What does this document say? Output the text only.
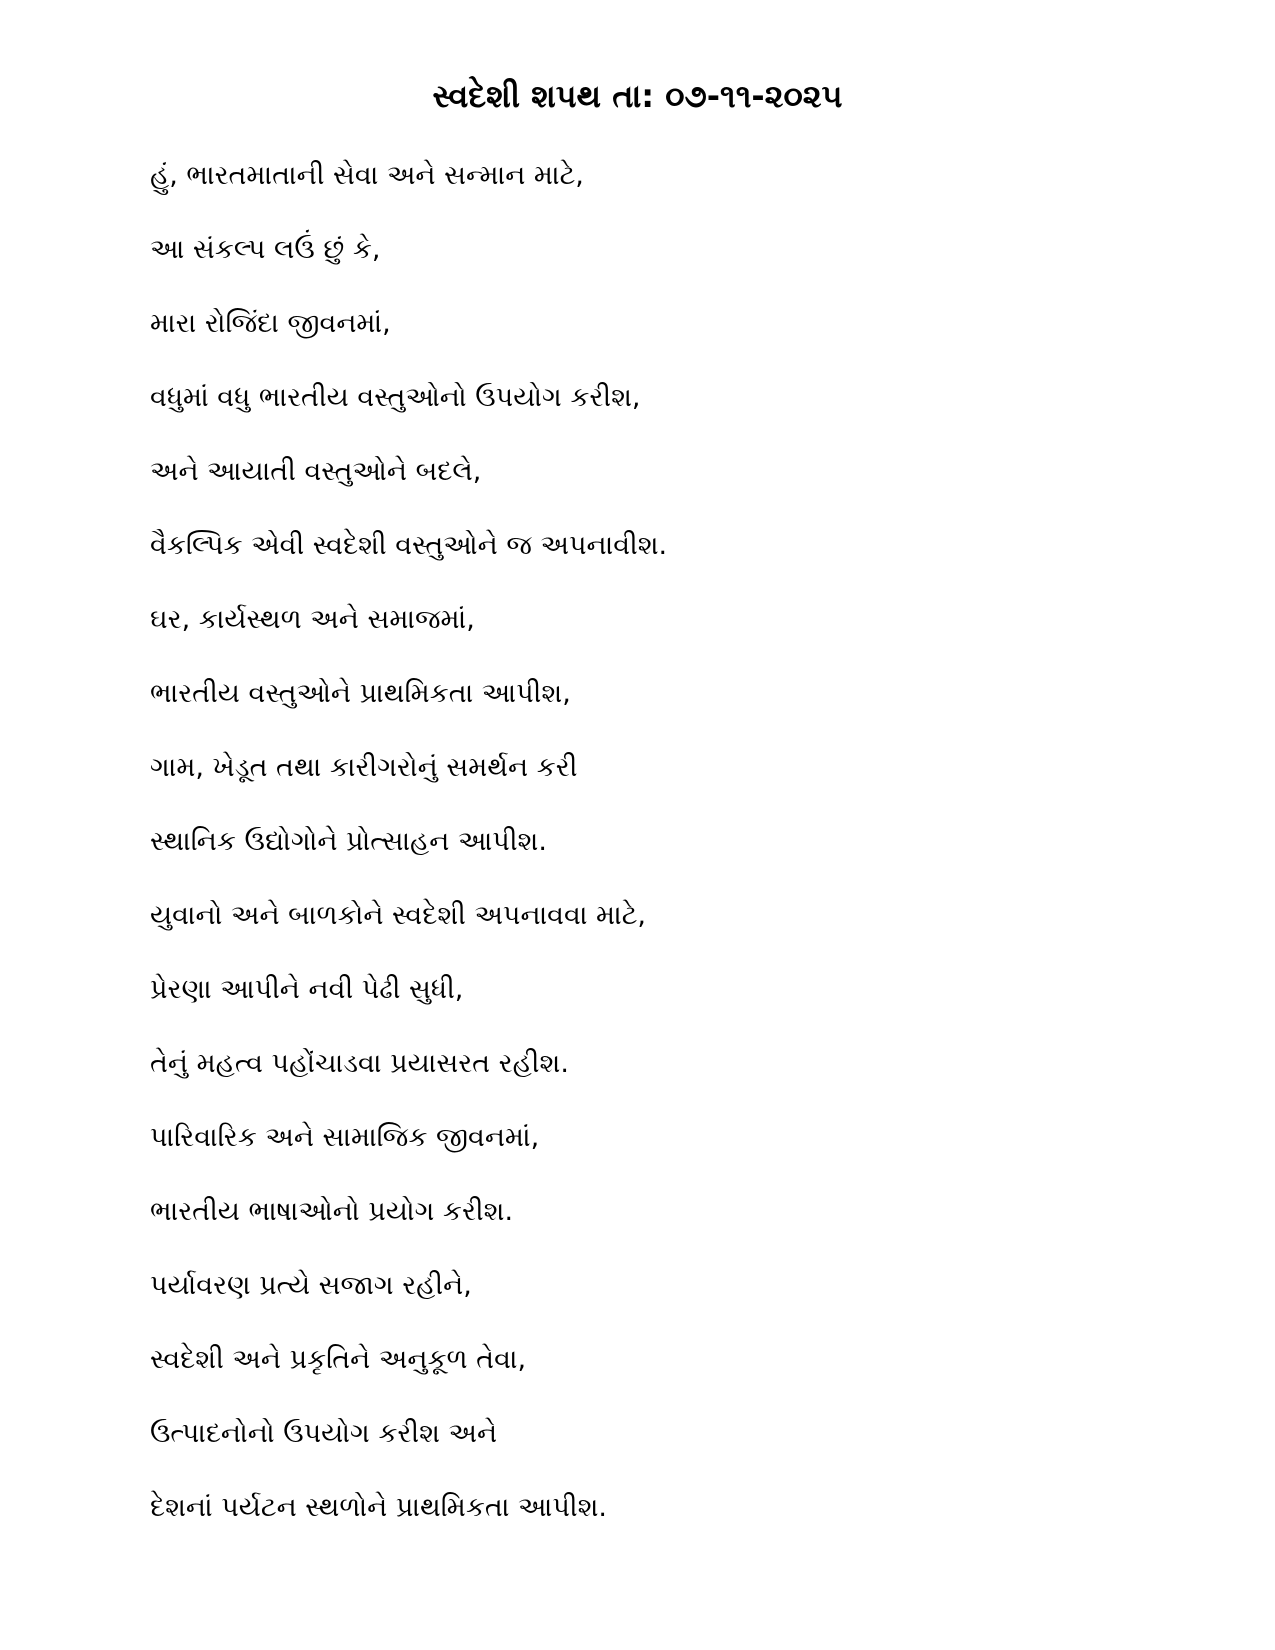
સ્વદેશી શપથ તા: ૦૭-૧૧-૨૦૨૫
હું, ભારતમાતાની સેવા અને સન્માન માટે,
આ સંકલ્પ લઉં છું કે,
મારા રોજિંદા જીવનમાં,
વધુમાં વધુ ભારતીય વસ્તુઓનો ઉપયોગ કરીશ,
અને આયાતી વસ્તુઓને બદલે,
વૈકલ્પિક એવી સ્વદેશી વસ્તુઓને જ અપનાવીશ.
ઘર, કાર્યસ્થળ અને સમાજમાં,
ભારતીય વસ્તુઓને પ્રાથમિકતા આપીશ,
ગામ, ખેડૂત તથા કારીગરોનું સમર્થન કરી
સ્થાનિક ઉદ્યોગોને પ્રોત્સાહન આપીશ.
યુવાનો અને બાળકોને સ્વદેશી અપનાવવા માટે,
પ્રેરણા આપીને નવી પેઢી સુધી,
તેનું મહત્વ પહોંચાડવા પ્રયાસરત રહીશ.
પારિવારિક અને સામાજિક જીવનમાં,
ભારતીય ભાષાઓનો પ્રયોગ કરીશ.
પર્યાવરણ પ્રત્યે સજાગ રહીને,
સ્વદેશી અને પ્રકૃતિને અનુકૂળ તેવા,
ઉત્પાદનોનો ઉપયોગ કરીશ અને
દેશનાં પર્યટન સ્થળોને પ્રાથમિકતા આપીશ.
